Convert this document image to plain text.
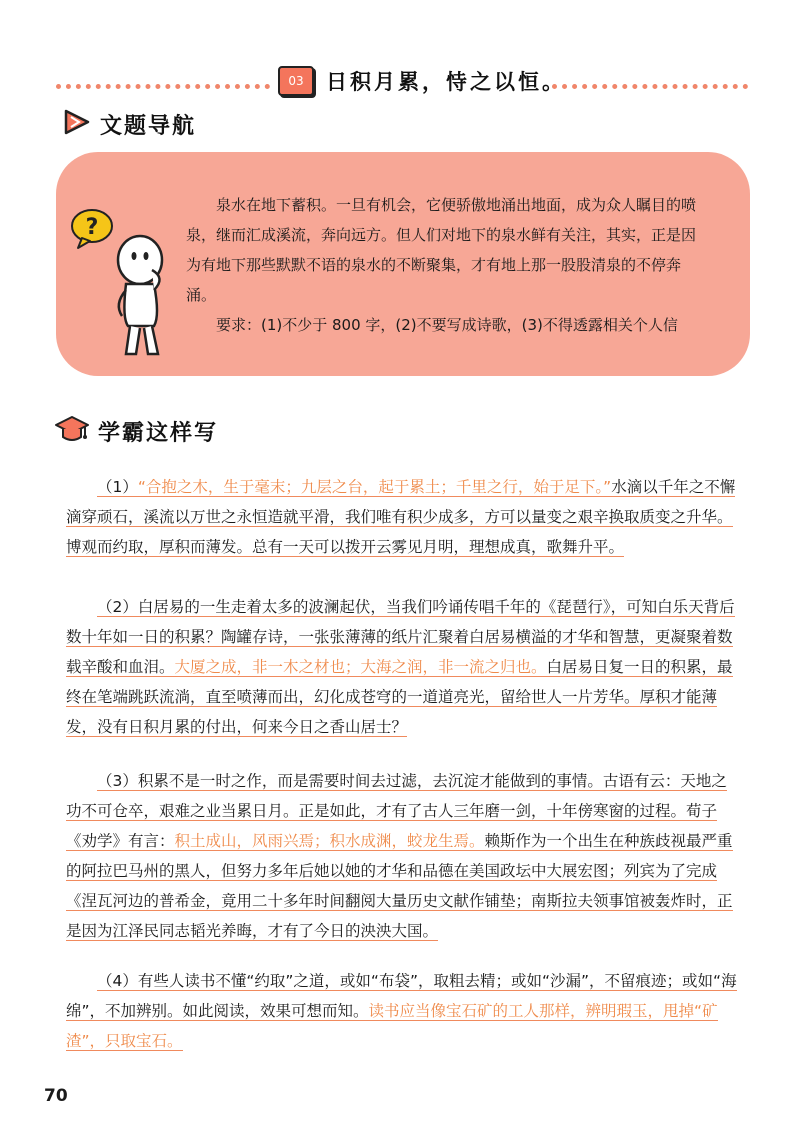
03	日积月累，恃之以恒。
文题导航
?

泉水在地下蓄积。一旦有机会，它便骄傲地涌出地面，成为众人瞩目的喷泉，继而汇成溪流，奔向远方。但人们对地下的泉水鲜有关注，其实，正是因为有地下那些默默不语的泉水的不断聚集，才有地上那一股股清泉的不停奔涌。

要求：(1)不少于 800 字，(2)不要写成诗歌，(3)不得透露相关个人信

学霸这样写

（1）“合抱之木，生于毫末；九层之台，起于累土；千里之行，始于足下。”水滴以千年之不懈滴穿顽石，溪流以万世之永恒造就平滑，我们唯有积少成多，方可以量变之艰辛换取质变之升华。博观而约取，厚积而薄发。总有一天可以拨开云雾见月明，理想成真，歌舞升平。

（2）白居易的一生走着太多的波澜起伏，当我们吟诵传唱千年的《琵琶行》，可知白乐天背后数十年如一日的积累？陶罐存诗，一张张薄薄的纸片汇聚着白居易横溢的才华和智慧，更凝聚着数载辛酸和血泪。大厦之成，非一木之材也；大海之润，非一流之归也。白居易日复一日的积累，最终在笔端跳跃流淌，直至喷薄而出，幻化成苍穹的一道道亮光，留给世人一片芳华。厚积才能薄发，没有日积月累的付出，何来今日之香山居士？

（3）积累不是一时之作，而是需要时间去过滤，去沉淀才能做到的事情。古语有云：天地之功不可仓卒，艰难之业当累日月。正是如此，才有了古人三年磨一剑，十年傍寒窗的过程。荀子《劝学》有言：积土成山，风雨兴焉；积水成渊，蛟龙生焉。赖斯作为一个出生在种族歧视最严重的阿拉巴马州的黑人，但努力多年后她以她的才华和品德在美国政坛中大展宏图；列宾为了完成《涅瓦河边的普希金，竟用二十多年时间翻阅大量历史文献作铺垫；南斯拉夫领事馆被轰炸时，正是因为江泽民同志韬光养晦，才有了今日的泱泱大国。

（4）有些人读书不懂“约取”之道，或如“布袋”，取粗去精；或如“沙漏”，不留痕迹；或如“海绵”，不加辨别。如此阅读，效果可想而知。读书应当像宝石矿的工人那样，辨明瑕玉，甩掉“矿渣”，只取宝石。

70
